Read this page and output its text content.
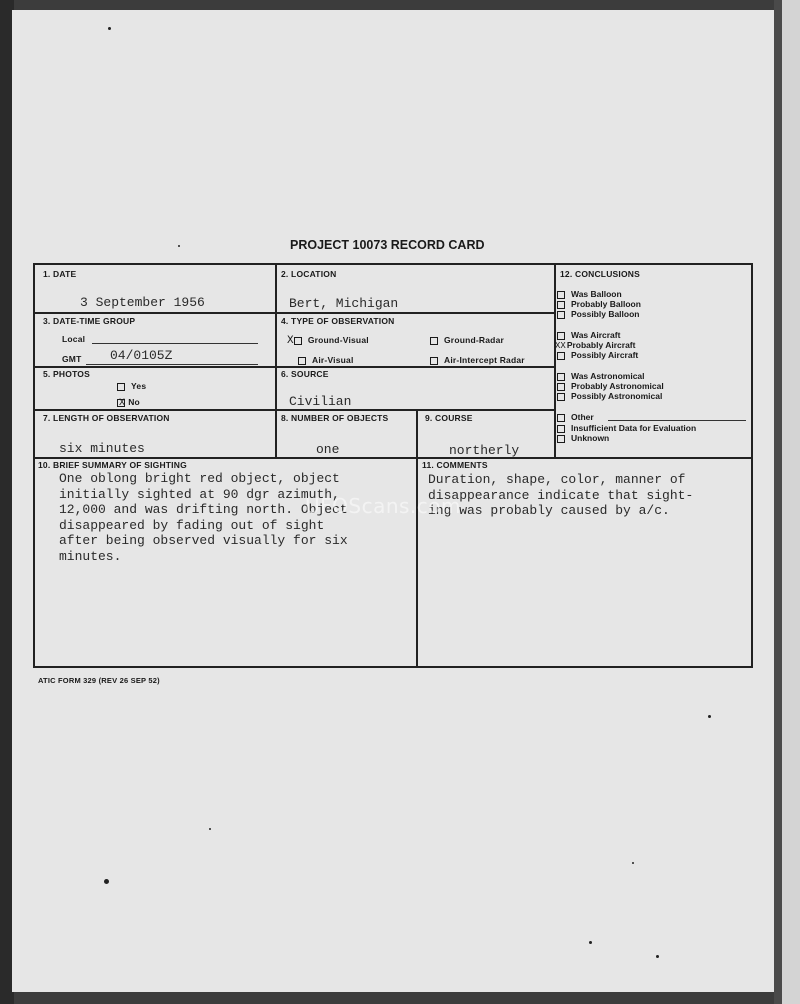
PROJECT 10073 RECORD CARD
1. DATE
3 September 1956
2. LOCATION
Bert, Michigan
3. DATE-TIME GROUP
Local
GMT 04/0105Z
4. TYPE OF OBSERVATION
X Ground-Visual	Ground-Radar
Air-Visual	Air-Intercept Radar
5. PHOTOS
Yes
X No
6. SOURCE
Civilian
7. LENGTH OF OBSERVATION
six minutes
8. NUMBER OF OBJECTS
one
9. COURSE
northerly
12. CONCLUSIONS
Was Balloon
Probably Balloon
Possibly Balloon
Was Aircraft
XXProbably Aircraft
Possibly Aircraft
Was Astronomical
Probably Astronomical
Possibly Astronomical
Other
Insufficient Data for Evaluation
Unknown
10. BRIEF SUMMARY OF SIGHTING
One oblong bright red object, object
initially sighted at 90 dgr azimuth,
12,000 and was drifting north. Object
disappeared by fading out of sight
after being observed visually for six
minutes.
11. COMMENTS
Duration, shape, color, manner of
disappearance indicate that sight-
ing was probably caused by a/c.
UFOScans.com
ATIC FORM 329 (REV 26 SEP 52)
